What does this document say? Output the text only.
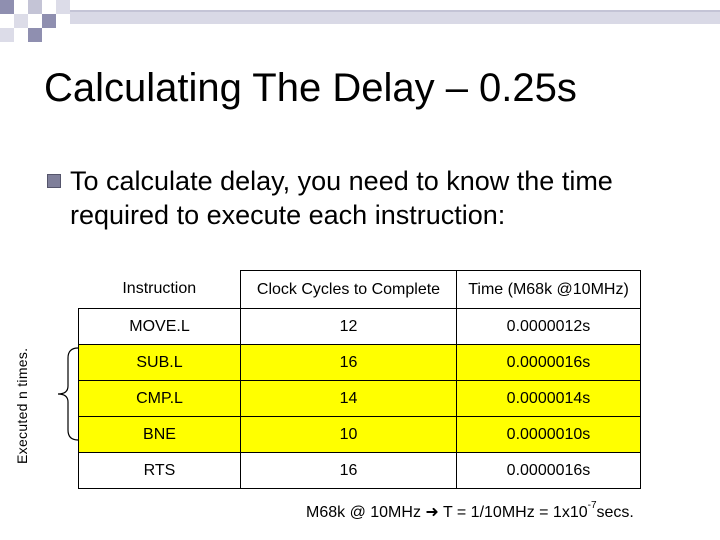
Calculating The Delay – 0.25s
To calculate delay, you need to know the time required to execute each instruction:
Executed n times.
Instruction	Clock Cycles to Complete	Time (M68k @10MHz)
MOVE.L	12	0.0000012s
SUB.L	16	0.0000016s
CMP.L	14	0.0000014s
BNE	10	0.0000010s
RTS	16	0.0000016s
M68k @ 10MHz ➜ $T = 1/10MHz = 1x10^{-7}\sec s$.
